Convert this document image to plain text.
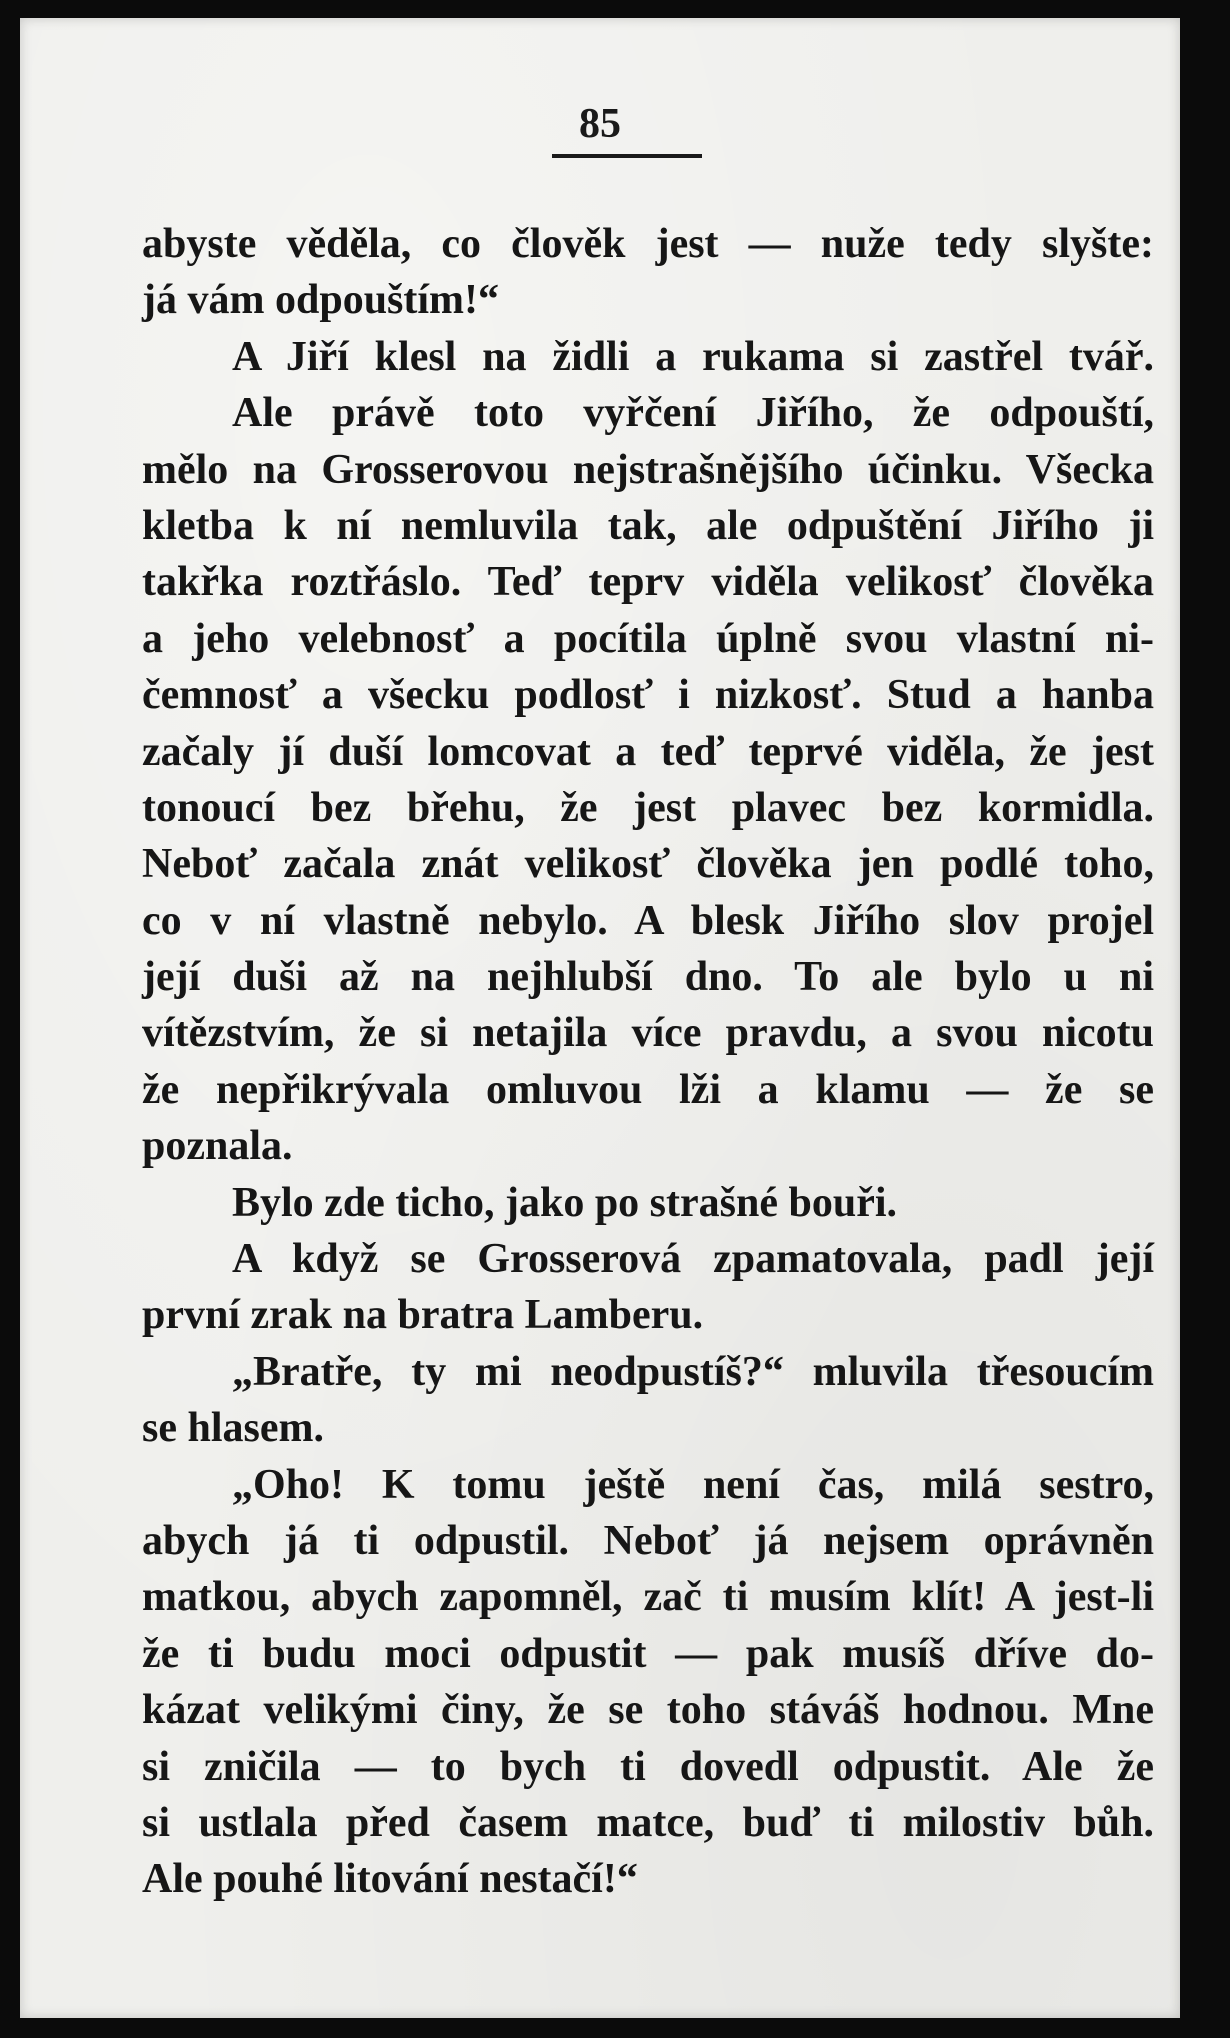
85
abyste věděla, co člověk jest — nuže tedy slyšte:
já vám odpouštím!“
A Jiří klesl na židli a rukama si zastřel tvář.
Ale právě toto vyřčení Jiřího, že odpouští,
mělo na Grosserovou nejstrašnějšího účinku. Všecka
kletba k ní nemluvila tak, ale odpuštění Jiřího ji
takřka roztřáslo. Teď teprv viděla velikosť člověka
a jeho velebnosť a pocítila úplně svou vlastní ni-
čemnosť a všecku podlosť i nizkosť. Stud a hanba
začaly jí duší lomcovat a teď teprvé viděla, že jest
tonoucí bez břehu, že jest plavec bez kormidla.
Neboť začala znát velikosť člověka jen podlé toho,
co v ní vlastně nebylo. A blesk Jiřího slov projel
její duši až na nejhlubší dno. To ale bylo u ni
vítězstvím, že si netajila více pravdu, a svou nicotu
že nepřikrývala omluvou lži a klamu — že se
poznala.
Bylo zde ticho, jako po strašné bouři.
A když se Grosserová zpamatovala, padl její
první zrak na bratra Lamberu.
„Bratře, ty mi neodpustíš?“ mluvila třesoucím
se hlasem.
„Oho! K tomu ještě není čas, milá sestro,
abych já ti odpustil. Neboť já nejsem oprávněn
matkou, abych zapomněl, zač ti musím klít! A jest-li
že ti budu moci odpustit — pak musíš dříve do-
kázat velikými činy, že se toho stáváš hodnou. Mne
si zničila — to bych ti dovedl odpustit. Ale že
si ustlala před časem matce, buď ti milostiv bůh.
Ale pouhé litování nestačí!“
